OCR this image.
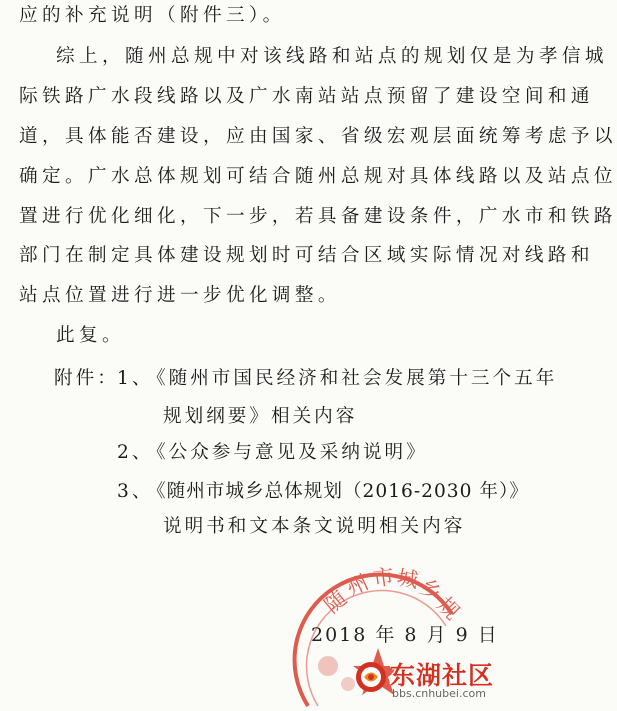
应的补充说明（附件三）。
综上，随州总规中对该线路和站点的规划仅是为孝信城
际铁路广水段线路以及广水南站站点预留了建设空间和通
道，具体能否建设，应由国家、省级宏观层面统筹考虑予以
确定。广水总体规划可结合随州总规对具体线路以及站点位
置进行优化细化，下一步，若具备建设条件，广水市和铁路
部门在制定具体建设规划时可结合区域实际情况对线路和
站点位置进行进一步优化调整。
此复。
附件：
1、
《随州市国民经济和社会发展第十三个五年
规划纲要》相关内容
2、
《公众参与意见及采纳说明》
3、
《随州市城乡总体规划（2016-2030 年）》
说明书和文本条文说明相关内容
随
州 市 城
乡
规
2018 年 8 月 9 日
东湖社区
bbs.cnhubei.com
